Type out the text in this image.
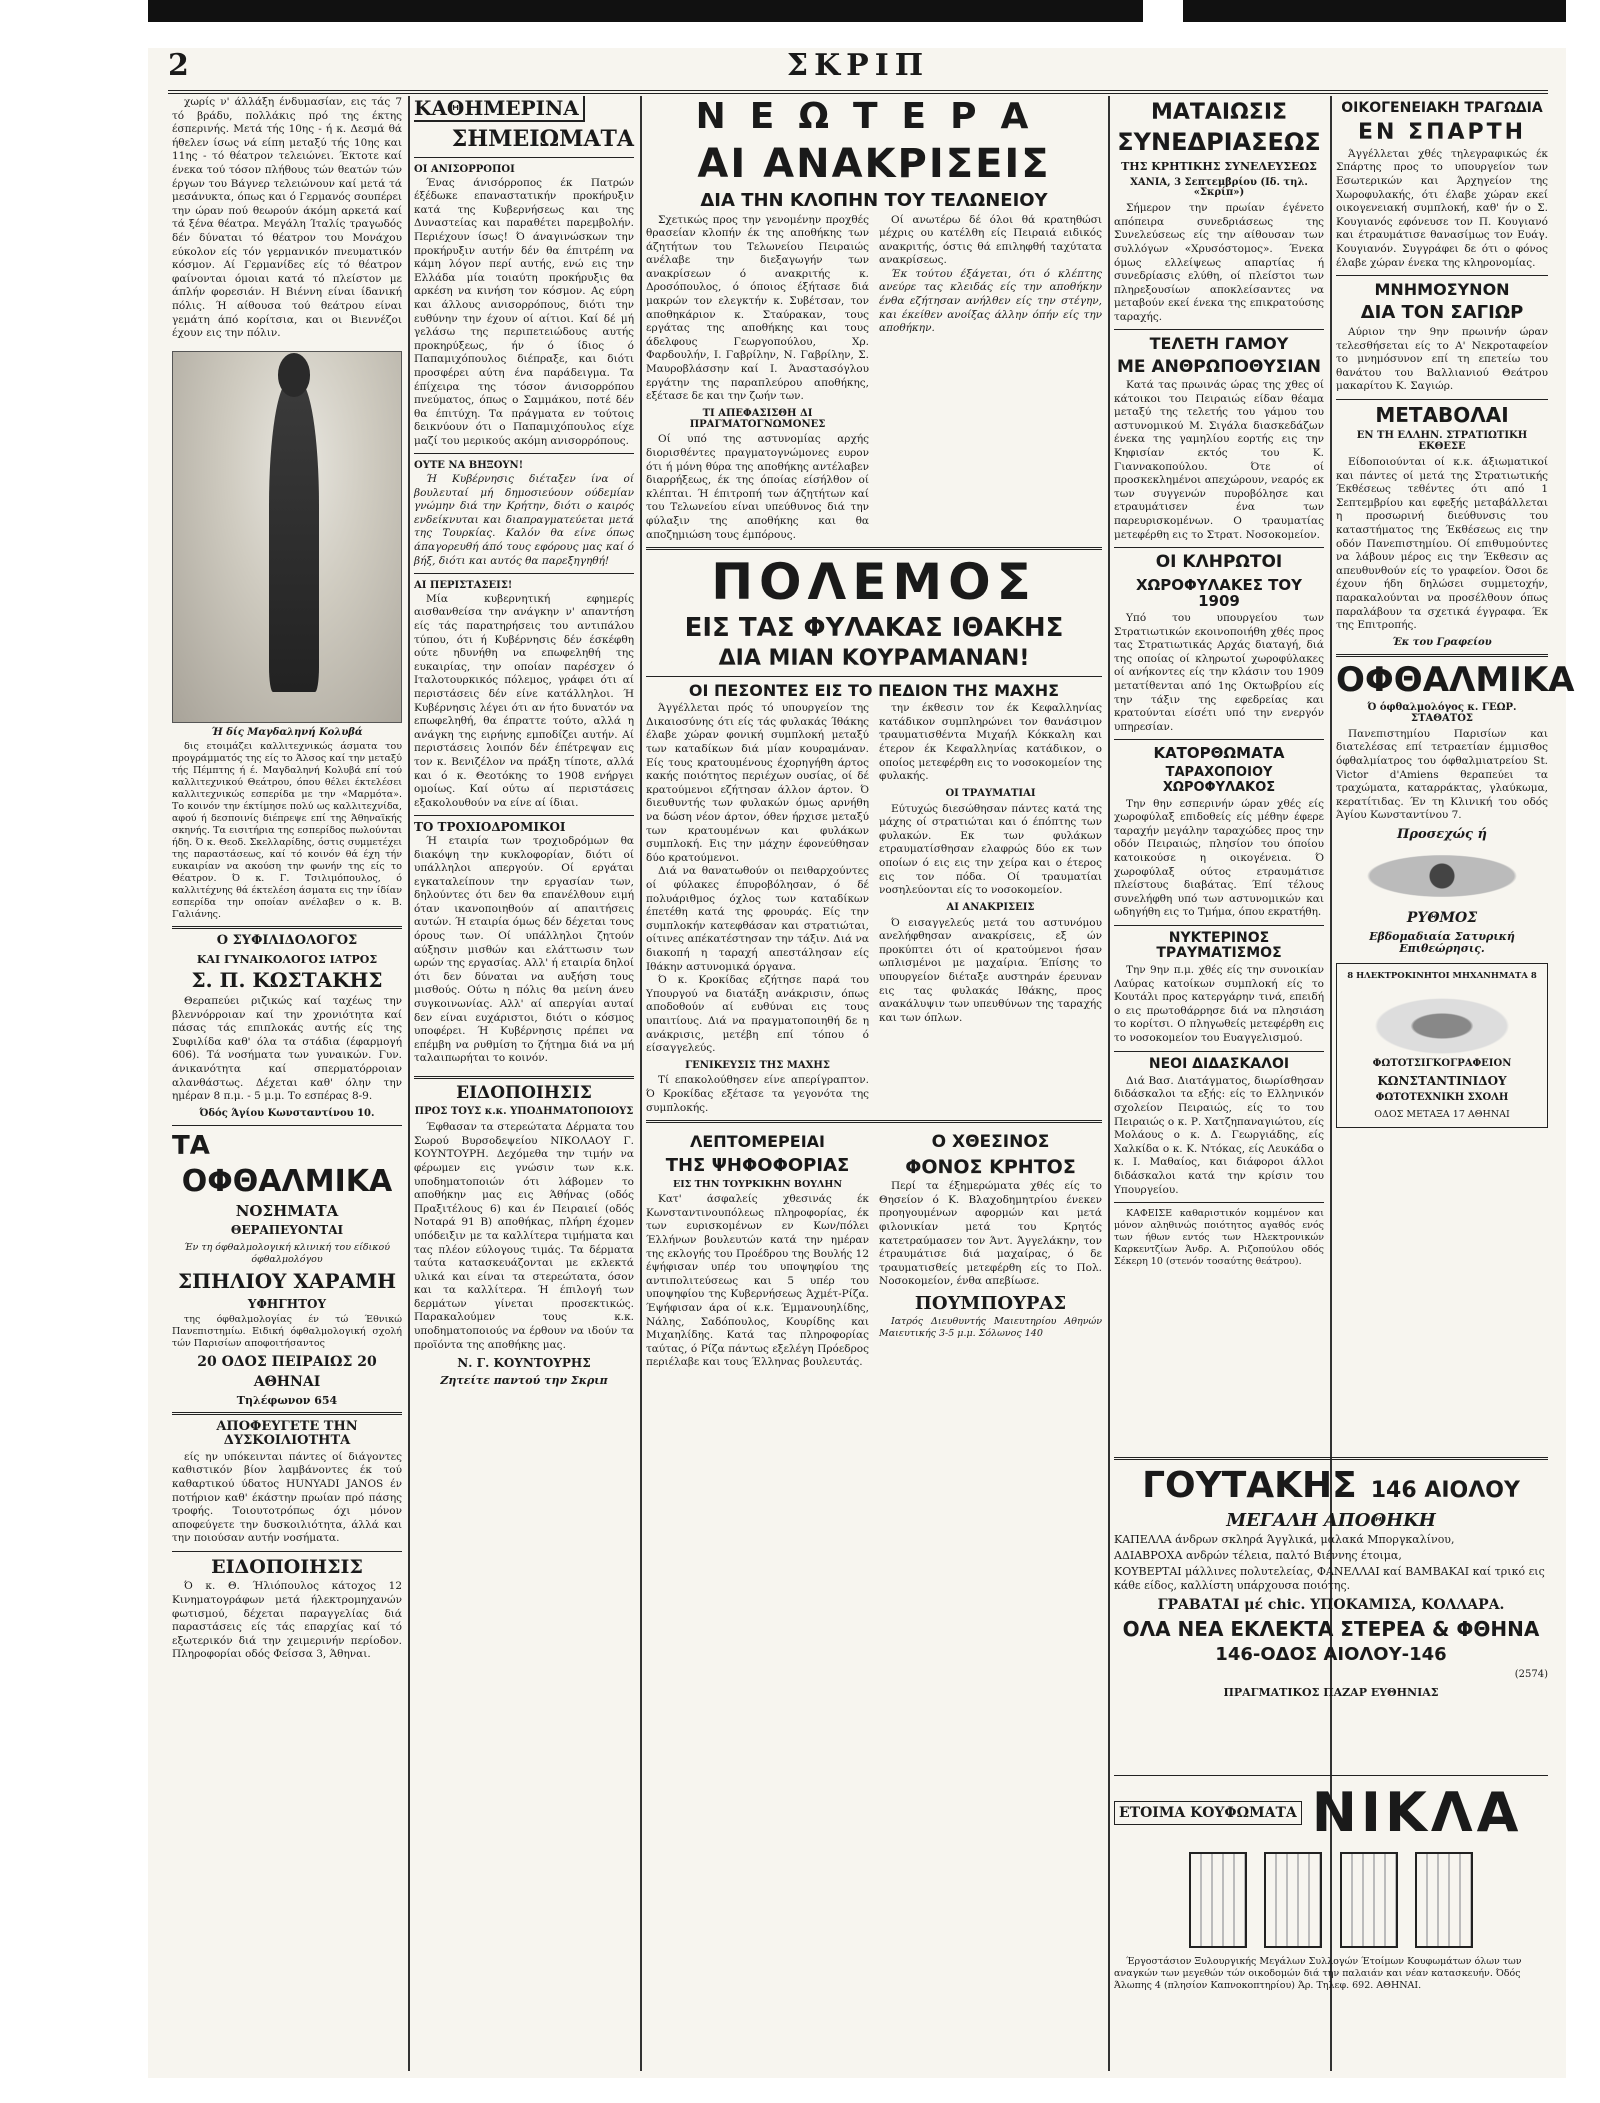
2	ΣΚΡΙΠ

χωρίς ν' άλλάξη ένδυμασίαν, εις τάς 7 τό βράδυ, πολλάκις πρό της έκτης έσπερινής. Μετά τής 10ης - ή κ. Δεσμά θά ήθελεν ίσως νά είπη μεταξύ τής 10ης και 11ης - τό θέατρον τελειώνει. Έκτοτε καί ένεκα τού τόσον πλήθους τών θεατών τών έργων του Βάγνερ τελειώνουν καί μετά τά μεσάνυκτα, όπως και ό Γερμανός σουπέρει την ώραν πού θεωρούν άκόμη αρκετά καί τά ξένα θέατρα. Μεγάλη Ίταλίς τραγωδός δέν δύναται τό θέατρον του Μονάχου εύκολον είς τόν γερμανικόν πνευματικόν κόσμον. Αί Γερμανίδες είς τό θέατρον φαίνονται όμοιαι κατά τό πλείστον με άπλήν φορεσιάν. Η Βιέννη είναι ίδανική πόλις. Ή αίθουσα τού θεάτρου είναι γεμάτη άπό κορίτσια, και οι Βιεννέζοι έχουν εις την πόλιν.

Ή δίς Μαγδαληνή Κολυβά

δις ετοιμάζει καλλιτεχνικώς άσματα του προγράμματός της είς το Άλσος καί την μεταξύ τής Πέμπτης ή έ. Μαγδαληνή Κολυβά επί τού καλλιτεχνικού Θεάτρου, όπου θέλει έκτελέσει καλλιτεχνικώς εσπερίδα με την «Μαρμότα». Το κοινόν την έκτίμησε πολύ ως καλλιτεχνίδα, αφού ή δεσποινίς διέπρεψε επί της Άθηναϊκής σκηνής. Τα εισιτήρια της εσπερίδος πωλούνται ήδη. Ό κ. Θεοδ. Σκελλαρίδης, όστις συμμετέχει της παραστάσεως, καί τό κοινόν θά έχη τήν ευκαιρίαν να ακούση την φωνήν της είς το Θέατρον. Ό κ. Γ. Τσιλιμόπουλος, ό καλλιτέχνης θά έκτελέση άσματα εις την ίδίαν εσπερίδα την οποίαν ανέλαβεν ο κ. Β. Γαλιάνης.

Ο ΣΥΦΙΛΙΔΟΛΟΓΟΣ
ΚΑΙ ΓΥΝΑΙΚΟΛΟΓΟΣ ΙΑΤΡΟΣ
Σ. Π. ΚΩΣΤΑΚΗΣ

Θεραπεύει ριζικώς καί ταχέως την βλεννόρροιαν καί την χρονιότητα καί πάσας τάς επιπλοκάς αυτής είς της Συφιλίδα καθ' όλα τα στάδια (έφαρμογή 606). Τά νοσήματα των γυναικών. Γυν. άνικανότητα καί σπερματόρροιαν αλανθάστως. Δέχεται καθ' όλην την ημέραν 8 π.μ. - 5 μ.μ. Το εσπέρας 8-9.

Όδός Άγίου Κωνσταντίνου 10.
ΤΑ
ΟΦΘΑΛΜΙΚΑ
ΝΟΣΗΜΑΤΑ
ΘΕΡΑΠΕΥΟΝΤΑΙ
Έν τη όφθαλμολογική κλινική του είδικού όφθαλμολόγου
ΣΠΗΛΙΟΥ ΧΑΡΑΜΗ
ΥΦΗΓΗΤΟΥ

της όφθαλμολογίας έν τώ Έθνικώ Πανεπιστημίω. Ειδική όφθαλμολογική σχολή τών Παρισίων αποφοιτήσαντος

20 ΟΔΟΣ ΠΕΙΡΑΙΩΣ 20
ΑΘΗΝΑΙ
Τηλέφωνον 654
ΑΠΟΦΕΥΓΕΤΕ ΤΗΝ ΔΥΣΚΟΙΛΙΟΤΗΤΑ

είς ην υπόκεινται πάντες οί διάγοντες καθιστικόν βίον λαμβάνοντες έκ τού καθαρτικού ύδατος HUNYADI JANOS έν ποτήριον καθ' έκάστην πρωίαν πρό πάσης τροφής. Τοιουτοτρόπως όχι μόνον αποφεύγετε την δυσκοιλιότητα, άλλά και την ποιούσαν αυτήν νοσήματα.

ΕΙΔΟΠΟΙΗΣΙΣ

Ό κ. Θ. Ήλιόπουλος κάτοχος 12 Κινηματογράφων μετά ήλεκτρομηχανών φωτισμού, δέχεται παραγγελίας διά παραστάσεις είς τάς επαρχίας καί τό εξωτερικόν διά την χειμερινήν περίοδον. Πληροφορίαι οδός Φείσσα 3, Άθηναι.

ΚΑΘΗΜΕΡΙΝΑ
ΣΗΜΕΙΩΜΑΤΑ
ΟΙ ΑΝΙΣΟΡΡΟΠΟΙ

Ένας άνισόρροπος έκ Πατρών έξέδωκε επαναστατικήν προκήρυξιν κατά της Κυβερνήσεως και της Δυναστείας και παραθέτει παρεμβολήν. Περιέχουν ίσως! Ό άναγινώσκων την προκήρυξιν αυτήν δέν θα έπιτρέπη να κάμη λόγον περί αυτής, ενώ εις την Ελλάδα μία τοιαύτη προκήρυξις θα αρκέση να κινήση τον κόσμον. Ας εύρη και άλλους ανισορρόπους, διότι την ευθύνην την έχουν οί αίτιοι. Καί δέ μή γελάσω της περιπετειώδους αυτής προκηρύξεως, ήν ό ίδιος ό Παπαμιχόπουλος διέπραξε, και διότι προσφέρει αύτη ένα παράδειγμα. Τα έπίχειρα της τόσον άνισορρόπου πνεύματος, όπως ο Σαμμάκου, ποτέ δέν θα έπιτύχη. Τα πράγματα εν τούτοις δεικνύουν ότι ο Παπαμιχόπουλος είχε μαζί του μερικούς ακόμη ανισορρόπους.

ΟΥΤΕ ΝΑ ΒΗΞΟΥΝ!

Ή Κυβέρνησις διέταξεν ίνα οί βουλευταί μή δημοσιεύουν ούδεμίαν γνώμην διά την Κρήτην, διότι ο καιρός ενδείκνυται και διαπραγματεύεται μετά της Τουρκίας. Καλόν θα είνε όπως άπαγορευθή άπό τους εφόρους μας καί ό βήξ, διότι και αυτός θα παρεξηγηθή!

ΑΙ ΠΕΡΙΣΤΑΣΕΙΣ!

Μία κυβερνητική εφημερίς αισθανθείσα την ανάγκην ν' απαντήση είς τάς παρατηρήσεις του αντιπάλου τύπου, ότι ή Κυβέρνησις δέν έσκέφθη ούτε ηδυνήθη να επωφεληθή της ευκαιρίας, την οποίαν παρέσχεν ό Ιταλοτουρκικός πόλεμος, γράφει ότι αί περιστάσεις δέν είνε κατάλληλοι. Ή Κυβέρνησις λέγει ότι αν ήτο δυνατόν να επωφεληθή, θα έπραττε τούτο, αλλά η ανάγκη της ειρήνης εμποδίζει αυτήν. Αί περιστάσεις λοιπόν δέν έπέτρεψαν εις τον κ. Βενιζέλον να πράξη τίποτε, αλλά και ό κ. Θεοτόκης το 1908 ενήργει ομοίως. Καί ούτω αί περιστάσεις εξακολουθούν να είνε αί ίδιαι.

ΤΟ ΤΡΟΧΙΟΔΡΟΜΙΚΟΙ

Ή εταιρία των τροχιοδρόμων θα διακόψη την κυκλοφορίαν, διότι οί υπάλληλοι απεργούν. Οί εργάται εγκαταλείπουν την εργασίαν των, δηλούντες ότι δεν θα επανέλθουν ειμή όταν ικανοποιηθούν αί απαιτήσεις αυτών. Ή εταιρία όμως δέν δέχεται τους όρους των. Οί υπάλληλοι ζητούν αύξησιν μισθών και ελάττωσιν των ωρών της εργασίας. Αλλ' ή εταιρία δηλοί ότι δεν δύναται να αυξήση τους μισθούς. Ούτω η πόλις θα μείνη άνευ συγκοινωνίας. Αλλ' αί απεργίαι αυταί δεν είναι ευχάριστοι, διότι ο κόσμος υποφέρει. Ή Κυβέρνησις πρέπει να επέμβη να ρυθμίση το ζήτημα διά να μή ταλαιπωρήται το κοινόν.

ΕΙΔΟΠΟΙΗΣΙΣ
ΠΡΟΣ ΤΟΥΣ κ.κ. ΥΠΟΔΗΜΑΤΟΠΟΙΟΥΣ

Έφθασαν τα στερεώτατα Δέρματα του Σωρού Βυρσοδεψείου ΝΙΚΟΛΑΟΥ Γ. ΚΟΥΝΤΟΥΡΗ. Δεχόμεθα την τιμήν να φέρωμεν εις γνώσιν των κ.κ. υποδηματοποιών ότι λάβομεν το αποθήκην μας εις Άθήνας (οδός Πραξιτέλους 6) και έν Πειραιεί (οδός Νοταρά 91 Β) αποθήκας, πλήρη έχομεν υπόδειξιν με τα καλλίτερα τιμήματα και τας πλέον εύλογους τιμάς. Τα δέρματα ταύτα κατασκευάζονται με εκλεκτά υλικά και είναι τα στερεώτατα, όσον και τα καλλίτερα. Ή έπιλογή των δερμάτων γίνεται προσεκτικώς. Παρακαλούμεν τους κ.κ. υποδηματοποιούς να έρθουν να ιδούν τα προϊόντα της αποθήκης μας.

Ν. Γ. ΚΟΥΝΤΟΥΡΗΣ
Ζητείτε παντού την Σκριπ
ΝΕΩΤΕΡΑ
ΑΙ ΑΝΑΚΡΙΣΕΙΣ
ΔΙΑ ΤΗΝ ΚΛΟΠΗΝ ΤΟΥ ΤΕΛΩΝΕΙΟΥ

Σχετικώς προς την γενομένην προχθές θρασείαν κλοπήν έκ της αποθήκης των άζητήτων του Τελωνείου Πειραιώς ανέλαβε την διεξαγωγήν των ανακρίσεων ό ανακριτής κ. Δροσόπουλος, ό όποιος έξήτασε διά μακρών τον ελεγκτήν κ. Συβέτσαν, τον αποθηκάριον κ. Σταύρακαν, τους εργάτας της αποθήκης και τους άδελφους Γεωργοπούλου, Χρ. Φαρδουλήν, Ι. Γαβρίλην, Ν. Γαβρίλην, Σ. Μαυροβλάσσην καί Ι. Άναστασόγλου εργάτην της παραπλεύρου αποθήκης, εξέτασε δε και την ζωήν των.

ΤΙ ΑΠΕΦΑΣΙΣΘΗ ΔΙ ΠΡΑΓΜΑΤΟΓΝΩΜΟΝΕΣ

Οί υπό της αστυνομίας αρχής διορισθέντες πραγματογνώμονες ευρον ότι ή μόνη θύρα της αποθήκης αντέλαβεν διαρρήξεως, έκ της όποίας είσήλθον οί κλέπται. Ή έπιτροπή των άζητήτων καί του Τελωνείου είναι υπεύθυνος διά την φύλαξιν της αποθήκης και θα αποζημιώση τους έμπόρους.

Οί ανωτέρω δέ όλοι θά κρατηθώσι μέχρις ου κατέλθη είς Πειραιά ειδικός ανακριτής, όστις θά επιληφθή ταχύτατα ανακρίσεως.

Έκ τούτου έξάγεται, ότι ό κλέπτης ανεύρε τας κλειδάς είς την αποθήκην ένθα εζήτησαν ανήλθεν είς την στέγην, και έκείθεν ανοίξας άλλην όπήν είς την αποθήκην.

ΠΟΛΕΜΟΣ
ΕΙΣ ΤΑΣ ΦΥΛΑΚΑΣ ΙΘΑΚΗΣ
ΔΙΑ ΜΙΑΝ ΚΟΥΡΑΜΑΝΑΝ!
ΟΙ ΠΕΣΟΝΤΕΣ ΕΙΣ ΤΟ ΠΕΔΙΟΝ ΤΗΣ ΜΑΧΗΣ

Άγγέλλεται πρός τό υπουργείον της Δικαιοσύνης ότι είς τάς φυλακάς Ίθάκης έλαβε χώραν φονική συμπλοκή μεταξύ των καταδίκων διά μίαν κουραμάναν. Είς τους κρατουμένους έχορηγήθη άρτος κακής ποιότητος περιέχων ουσίας, οί δέ κρατούμενοι εζήτησαν άλλον άρτον. Ό διευθυντής των φυλακών όμως αρνήθη να δώση νέον άρτον, όθεν ήρχισε μεταξύ των κρατουμένων και φυλάκων συμπλοκή. Εις την μάχην έφονεύθησαν δύο κρατούμενοι.

Διά να θανατωθούν οι πειθαρχούντες οί φύλακες έπυροβόλησαν, ό δέ πολυάριθμος όχλος των καταδίκων έπετέθη κατά της φρουράς. Είς την συμπλοκήν κατεφθάσαν και στρατιώται, οίτινες απέκατέστησαν την τάξιν. Διά να διακοπή η ταραχή απεστάλησαν είς Ιθάκην αστυνομικά όργανα.

Ό κ. Κροκίδας εζήτησε παρά του Υπουργού να διατάξη ανάκρισιν, όπως αποδοθούν αί ευθύναι εις τους υπαιτίους. Διά να πραγματοποιηθή δε η ανάκρισις, μετέβη επί τόπου ό είσαγγελεύς.

ΓΕΝΙΚΕΥΣΙΣ ΤΗΣ ΜΑΧΗΣ

Τί επακολούθησεν είνε απερίγραπτον. Ό Κροκίδας εξέτασε τα γεγονότα της συμπλοκής.

την έκθεσιν τον έκ Κεφαλληνίας κατάδικον συμπληρώνει τον θανάσιμον τραυματισθέντα Μιχαήλ Κόκκαλη και έτερον έκ Κεφαλληνίας κατάδικον, ο οποίος μετεφέρθη εις το νοσοκομείον της φυλακής.

ΟΙ ΤΡΑΥΜΑΤΙΑΙ

Εύτυχώς διεσώθησαν πάντες κατά της μάχης οί στρατιώται και ό έπόπτης των φυλακών. Εκ των φυλάκων ετραυματίσθησαν ελαφρώς δύο εκ των οποίων ό εις εις την χείρα και ο έτερος εις τον πόδα. Οί τραυματίαι νοσηλεύονται είς το νοσοκομείον.

ΑΙ ΑΝΑΚΡΙΣΕΙΣ

Ό εισαγγελεύς μετά του αστυνόμου ανελήφθησαν ανακρίσεις, εξ ών προκύπτει ότι οί κρατούμενοι ήσαν ωπλισμένοι με μαχαίρια. Έπίσης το υπουργείον διέταξε αυστηράν έρευναν εις τας φυλακάς Ιθάκης, προς ανακάλυψιν των υπευθύνων της ταραχής και των όπλων.

ΛΕΠΤΟΜΕΡΕΙΑΙ
ΤΗΣ ΨΗΦΟΦΟΡΙΑΣ
ΕΙΣ ΤΗΝ ΤΟΥΡΚΙΚΗΝ ΒΟΥΛΗΝ

Κατ' άσφαλείς χθεσινάς έκ Κωνσταντινουπόλεως πληροφορίας, έκ των ευρισκομένων εν Κων/πόλει Έλλήνων βουλευτών κατά την ημέραν της εκλογής του Προέδρου της Βουλής 12 έψήφισαν υπέρ του υποψηφίου της αντιπολιτεύσεως και 5 υπέρ του υποψηφίου της Κυβερνήσεως Άχμέτ-Ρίζα. Έψήφισαν άρα οί κ.κ. Έμμανουηλίδης, Νάλης, Σαδόπουλος, Κουρίδης και Μιχαηλίδης. Κατά τας πληροφορίας ταύτας, ό Ρίζα πάντως εξελέγη Πρόεδρος περιέλαβε και τους Έλληνας βουλευτάς.

Ο ΧΘΕΣΙΝΟΣ
ΦΟΝΟΣ ΚΡΗΤΟΣ

Περί τα έξημερώματα χθές είς το Θησείον ό Κ. Βλαχοδημητρίου ένεκεν προηγουμένων αφορμών και μετά φιλονικίαν μετά του Κρητός κατετραύμασεν τον Άντ. Άγγελάκην, τον έτραυμάτισε διά μαχαίρας, ό δε τραυματισθείς μετεφέρθη είς το Πολ. Νοσοκομείον, ένθα απεβίωσε.

ΠΟΥΜΠΟΥΡΑΣ

Ιατρός Διευθυντής Μαιευτηρίου Αθηνών Μαιευτικής 3-5 μ.μ. Σόλωνος 140

ΜΑΤΑΙΩΣΙΣ
ΣΥΝΕΔΡΙΑΣΕΩΣ
ΤΗΣ ΚΡΗΤΙΚΗΣ ΣΥΝΕΛΕΥΣΕΩΣ
ΧΑΝΙΑ, 3 Σεπτεμβρίου (Ιδ. τηλ. «Σκρίπ»)

Σήμερον την πρωίαν έγένετο απόπειρα συνεδριάσεως της Συνελεύσεως είς την αίθουσαν των συλλόγων «Χρυσόστομος». Ένεκα όμως ελλείψεως απαρτίας ή συνεδρίασις ελύθη, οί πλείστοι των πληρεξουσίων αποκλείσαντες να μεταβούν εκεί ένεκα της επικρατούσης ταραχής.

ΤΕΛΕΤΗ ΓΑΜΟΥ
ΜΕ ΑΝΘΡΩΠΟΘΥΣΙΑΝ

Κατά τας πρωινάς ώρας της χθες οί κάτοικοι του Πειραιώς είδαν θέαμα μεταξύ της τελετής του γάμου του αστυνομικού Μ. Σιγάλα διασκεδάζων ένεκα της γαμηλίου εορτής εις την Κηφισίαν εκτός του Κ. Γιαννακοπούλου. Ότε οί προσκεκλημένοι απεχώρουν, νεαρός εκ των συγγενών πυροβόλησε και ετραυμάτισεν ένα των παρευρισκομένων. Ο τραυματίας μετεφέρθη εις το Στρατ. Νοσοκομείον.

ΟΙ ΚΛΗΡΩΤΟΙ
ΧΩΡΟΦΥΛΑΚΕΣ ΤΟΥ 1909

Υπό του υπουργείου των Στρατιωτικών εκοινοποιήθη χθές προς τας Στρατιωτικάς Αρχάς διαταγή, διά της οποίας οί κληρωτοί χωροφύλακες οί ανήκοντες είς την κλάσιν του 1909 μετατίθενται από 1ης Οκτωβρίου είς την τάξιν της εφεδρείας και κρατούνται είσέτι υπό την ενεργόν υπηρεσίαν.

ΚΑΤΟΡΘΩΜΑΤΑ
ΤΑΡΑΧΟΠΟΙΟΥ ΧΩΡΟΦΥΛΑΚΟΣ

Την θην εσπερινήν ώραν χθές είς χωροφύλαξ επιδοθείς είς μέθην έφερε ταραχήν μεγάλην ταραχώδες προς την οδόν Πειραιώς, πλησίον του όποίου κατοικούσε η οικογένεια. Ό χωροφύλαξ ούτος ετραυμάτισε πλείστους διαβάτας. Έπί τέλους συνελήφθη υπό των αστυνομικών και ωδηγήθη εις το Τμήμα, όπου εκρατήθη.

ΝΥΚΤΕΡΙΝΟΣ ΤΡΑΥΜΑΤΙΣΜΟΣ

Την 9ην π.μ. χθές είς την συνοικίαν Λαύρας κατοίκων συμπλοκή είς το Κουτάλι προς κατεργάρην τινά, επειδή ο εις πρωτοθάρρησε διά να πλησιάση το κορίτσι. Ο πληγωθείς μετεφέρθη εις το νοσοκομείον του Ευαγγελισμού.

ΝΕΟΙ ΔΙΔΑΣΚΑΛΟΙ

Διά Βασ. Διατάγματος, διωρίσθησαν διδάσκαλοι τα εξής: είς το Ελληνικόν σχολείον Πειραιώς, είς το του Πειραιώς ο κ. Ρ. Χατζηπαναγιώτου, είς Μολάους ο κ. Δ. Γεωργιάδης, είς Χαλκίδα ο κ. Κ. Ντόκας, είς Λευκάδα ο κ. Ι. Μαθαίος, και διάφοροι άλλοι διδάσκαλοι κατά την κρίσιν του Υπουργείου.

ΚΑΦΕΙΣΕ καθαριστικόν κομμένον και μόνον αληθινώς ποιότητος αγαθός ενός των ήθων εντός των Ηλεκτρονικών Καρκεντζίων Άνδρ. Α. Ριζοπούλου οδός Σέκερη 10 (στενόν τοσαύτης θεάτρου).

ΟΙΚΟΓΕΝΕΙΑΚΗ ΤΡΑΓΩΔΙΑ
ΕΝ ΣΠΑΡΤΗ

Άγγέλλεται χθές τηλεγραφικώς έκ Σπάρτης προς το υπουργείον των Εσωτερικών και Άρχηγείον της Χωροφυλακής, ότι έλαβε χώραν εκεί οικογενειακή συμπλοκή, καθ' ήν ο Σ. Κουγιανός εφόνευσε τον Π. Κουγιανό και έτραυμάτισε θανασίμως τον Ευάγ. Κουγιανόν. Συγγράφει δε ότι ο φόνος έλαβε χώραν ένεκα της κληρονομίας.

ΜΝΗΜΟΣΥΝΟΝ
ΔΙΑ ΤΟΝ ΣΑΓΙΩΡ

Αύριον την 9ην πρωινήν ώραν τελεσθήσεται είς το Α' Νεκροταφείον το μνημόσυνον επί τη επετείω του θανάτου του Βαλλιανιού Θεάτρου μακαρίτου Κ. Σαγιώρ.

ΜΕΤΑΒΟΛΑΙ
ΕΝ ΤΗ ΕΛΛΗΝ. ΣΤΡΑΤΙΩΤΙΚΗ ΕΚΘΕΣΕ

Είδοποιούνται οί κ.κ. άξιωματικοί και πάντες οί μετά της Στρατιωτικής Έκθέσεως τεθέντες ότι από 1 Σεπτεμβρίου και εφεξής μεταβάλλεται η προσωρινή διεύθυνσις του καταστήματος της Έκθέσεως εις την οδόν Πανεπιστημίου. Οί επιθυμούντες να λάβουν μέρος εις την Έκθεσιν ας απευθυνθούν είς το γραφείον. Όσοι δε έχουν ήδη δηλώσει συμμετοχήν, παρακαλούνται να προσέλθουν όπως παραλάβουν τα σχετικά έγγραφα. Έκ της Επιτροπής.

Έκ του Γραφείου
ΟΦΘΑΛΜΙΚΑ
Ό όφθαλμολόγος κ. ΓΕΩΡ. ΣΤΑΘΑΤΟΣ

Πανεπιστημίου Παρισίων και διατελέσας επί τετραετίαν έμμισθος όφθαλμίατρος του όφθαλμιατρείου St. Victor d'Amiens θεραπεύει τα τραχώματα, καταρράκτας, γλαύκωμα, κερατίτιδας. Έν τη Κλινική του οδός Άγίου Κωνσταντίνου 7.

Προσεχώς ή
ΡΥΘΜΟΣ
Εβδομαδιαία Σατυρική Επιθεώρησις.
8 ΗΛΕΚΤΡΟΚΙΝΗΤΟΙ ΜΗΧΑΝΗΜΑΤΑ 8
ΦΩΤΟΤΣΙΓΚΟΓΡΑΦΕΙΟΝ
ΚΩΝΣΤΑΝΤΙΝΙΔΟΥ
ΦΩΤΟΤΕΧΝΙΚΗ ΣΧΟΛΗ
ΟΔΟΣ ΜΕΤΑΞΑ 17 ΑΘΗΝΑΙ
ΓΟΥΤΑΚΗΣ 146 ΑΙΟΛΟΥ
ΜΕΓΑΛΗ ΑΠΟΘΗΚΗ
ΚΑΠΕΛΛΑ άνδρων σκληρά Άγγλικά, μαλακά Μποργκαλίνου,
ΑΔΙΑΒΡΟΧΑ ανδρών τέλεια, παλτό Βιέννης έτοιμα,
ΚΟΥΒΕΡΤΑΙ μάλλινες πολυτελείας, ΦΑΝΕΛΛΑΙ καί ΒΑΜΒΑΚΑΙ καί τρικό εις κάθε είδος, καλλίστη υπάρχουσα ποιότης.
ΓΡΑΒΑΤΑΙ μέ chic. ΥΠΟΚΑΜΙΣΑ, ΚΟΛΛΑΡΑ.
ΟΛΑ ΝΕΑ ΕΚΛΕΚΤΑ ΣΤΕΡΕΑ & ΦΘΗΝΑ
146-ΟΔΟΣ ΑΙΟΛΟΥ-146
(2574)
ΠΡΑΓΜΑΤΙΚΟΣ ΠΑΖΑΡ ΕΥΘΗΝΙΑΣ
ΕΤΟΙΜΑ ΚΟΥΦΩΜΑΤΑ ΝΙΚΛΑ

Έργοστάσιον Ξυλουργικής Μεγάλων Συλλογών Έτοίμων Κουφωμάτων όλων των αναγκών των μεγεθών τών οικοδομών διά την παλαιάν και νέαν κατασκευήν. Όδός Άλωπης 4 (πλησίον Καπνοκοπτηρίου) Άρ. Τηλεφ. 692. ΑΘΗΝΑΙ.
